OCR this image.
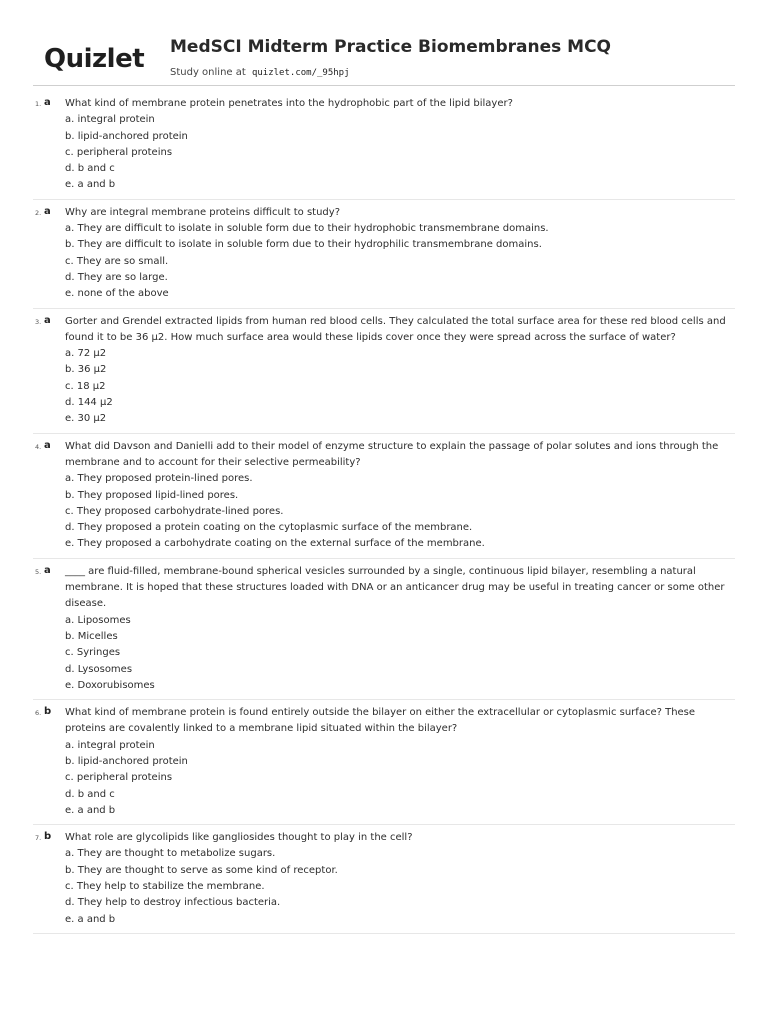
Quizlet MedSCI Midterm Practice Biomembranes MCQ
Study online at quizlet.com/_95hpj
1. a What kind of membrane protein penetrates into the hydrophobic part of the lipid bilayer?
a. integral protein
b. lipid-anchored protein
c. peripheral proteins
d. b and c
e. a and b
2. a Why are integral membrane proteins difficult to study?
a. They are difficult to isolate in soluble form due to their hydrophobic transmembrane domains.
b. They are difficult to isolate in soluble form due to their hydrophilic transmembrane domains.
c. They are so small.
d. They are so large.
e. none of the above
3. a Gorter and Grendel extracted lipids from human red blood cells. They calculated the total surface area for these red blood cells and found it to be 36 μ2. How much surface area would these lipids cover once they were spread across the surface of water?
a. 72 μ2
b. 36 μ2
c. 18 μ2
d. 144 μ2
e. 30 μ2
4. a What did Davson and Danielli add to their model of enzyme structure to explain the passage of polar solutes and ions through the membrane and to account for their selective permeability?
a. They proposed protein-lined pores.
b. They proposed lipid-lined pores.
c. They proposed carbohydrate-lined pores.
d. They proposed a protein coating on the cytoplasmic surface of the membrane.
e. They proposed a carbohydrate coating on the external surface of the membrane.
5. a ____ are fluid-filled, membrane-bound spherical vesicles surrounded by a single, continuous lipid bilayer, resembling a natural membrane. It is hoped that these structures loaded with DNA or an anticancer drug may be useful in treating cancer or some other disease.
a. Liposomes
b. Micelles
c. Syringes
d. Lysosomes
e. Doxorubisomes
6. b What kind of membrane protein is found entirely outside the bilayer on either the extracellular or cytoplasmic surface? These proteins are covalently linked to a membrane lipid situated within the bilayer?
a. integral protein
b. lipid-anchored protein
c. peripheral proteins
d. b and c
e. a and b
7. b What role are glycolipids like gangliosides thought to play in the cell?
a. They are thought to metabolize sugars.
b. They are thought to serve as some kind of receptor.
c. They help to stabilize the membrane.
d. They help to destroy infectious bacteria.
e. a and b
